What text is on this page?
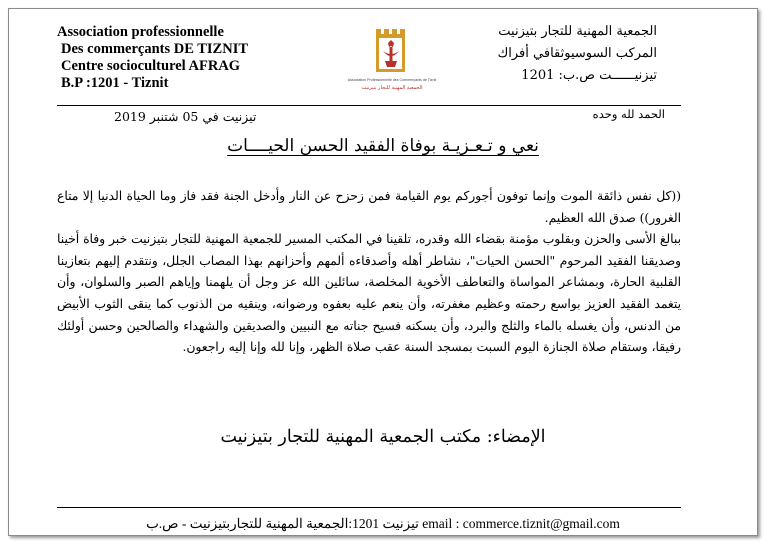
Association professionnelle
Des commerçants DE TIZNIT
Centre socioculturel AFRAG
B.P :1201 - Tiznit	Association Professionnelle des Commerçants de Tiznit
الجمعية المهنية للتجار بتيزنيت
الجمعية المهنية للتجار بتيزنيت
المركب السوسيوثقافي أفراك
تيزنيــــــت ص.ب: 1201
الحمد لله وحده
تيزنيت في 05 شتنبر 2019
نعي و تـعـزيـة بوفاة الفقيد الحسن الحيــــات

((كل نفس ذائقة الموت وإنما توفون أجوركم يوم القيامة فمن زحزح عن النار وأدخل الجنة فقد فاز وما الحياة الدنيا إلا متاع الغرور)) صدق الله العظيم.

ببالغ الأسى والحزن وبقلوب مؤمنة بقضاء الله وقدره، تلقينا في المكتب المسير للجمعية المهنية للتجار بتيزنيت خبر وفاة أخينا وصديقنا الفقيد المرحوم "الحسن الحيات"، نشاطر أهله وأصدقاءه ألمهم وأحزانهم بهذا المصاب الجلل، ونتقدم إليهم بتعازينا القلبية الحارة، وبمشاعر المواساة والتعاطف الأخوية المخلصة، سائلين الله عز وجل أن يلهمنا وإياهم الصبر والسلوان، وأن يتغمد الفقيد العزيز بواسع رحمته وعظيم مغفرته، وأن ينعم عليه بعفوه ورضوانه، وينقيه من الذنوب كما ينقى الثوب الأبيض من الدنس، وأن يغسله بالماء والثلج والبرد، وأن يسكنه فسيح جناته مع النبيين والصديقين والشهداء والصالحين وحسن أولئك رفيقا، وستقام صلاة الجنازة اليوم السبت بمسجد السنة عقب صلاة الظهر، وإنا لله وإنا إليه راجعون.

الإمضاء: مكتب الجمعية المهنية للتجار بتيزنيت
تيزنيت 1201:الجمعية المهنية للتجاربتيزنيت - ص.ب email : commerce.tiznit@gmail.com
